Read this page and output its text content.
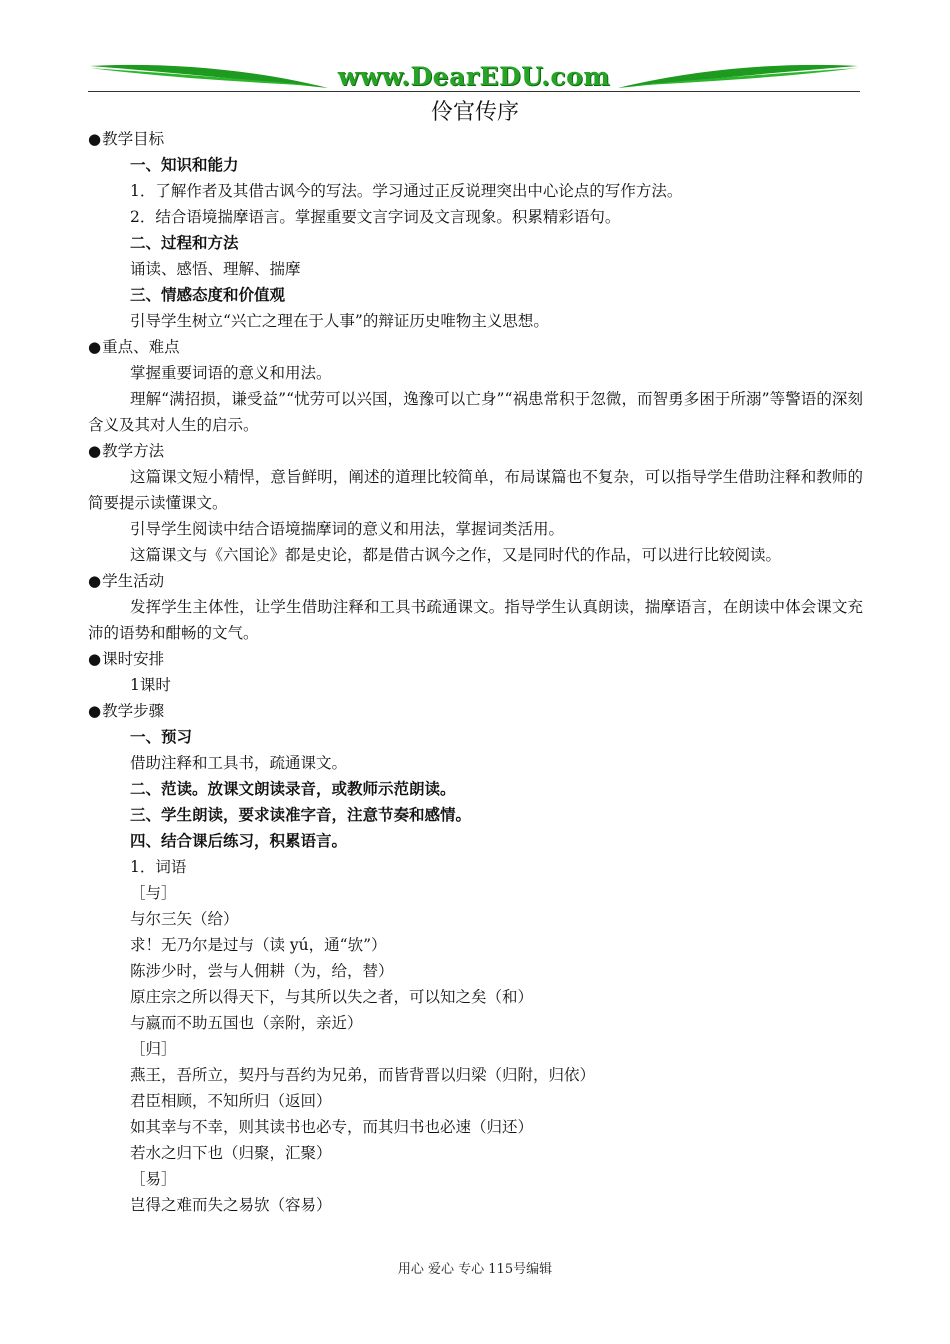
www.DearEDU.com
伶官传序
● 教学目标
一、知识和能力
1．了解作者及其借古讽今的写法。学习通过正反说理突出中心论点的写作方法。
2．结合语境揣摩语言。掌握重要文言字词及文言现象。积累精彩语句。
二、过程和方法
诵读、感悟、理解、揣摩
三、情感态度和价值观
引导学生树立“兴亡之理在于人事”的辩证历史唯物主义思想。
● 重点、难点
掌握重要词语的意义和用法。
理解“满招损，谦受益”“忧劳可以兴国，逸豫可以亡身”“祸患常积于忽微，而智勇多困于所溺”等警语的深刻含义及其对人生的启示。
● 教学方法
这篇课文短小精悍，意旨鲜明，阐述的道理比较简单，布局谋篇也不复杂，可以指导学生借助注释和教师的简要提示读懂课文。
引导学生阅读中结合语境揣摩词的意义和用法，掌握词类活用。
这篇课文与《六国论》都是史论，都是借古讽今之作，又是同时代的作品，可以进行比较阅读。
● 学生活动
发挥学生主体性，让学生借助注释和工具书疏通课文。指导学生认真朗读，揣摩语言，在朗读中体会课文充沛的语势和酣畅的文气。
● 课时安排
1课时
● 教学步骤
一、预习
借助注释和工具书，疏通课文。
二、范读。放课文朗读录音，或教师示范朗读。
三、学生朗读，要求读准字音，注意节奏和感情。
四、结合课后练习，积累语言。
1．词语
［与］
与尔三矢（给）
求！无乃尔是过与（读 yú，通“欤”）
陈涉少时，尝与人佣耕（为，给，替）
原庄宗之所以得天下，与其所以失之者，可以知之矣（和）
与嬴而不助五国也（亲附，亲近）
［归］
燕王，吾所立，契丹与吾约为兄弟，而皆背晋以归梁（归附，归依）
君臣相顾，不知所归（返回）
如其幸与不幸，则其读书也必专，而其归书也必速（归还）
若水之归下也（归聚，汇聚）
［易］
岂得之难而失之易欤（容易）
用心 爱心 专心 115号编辑
